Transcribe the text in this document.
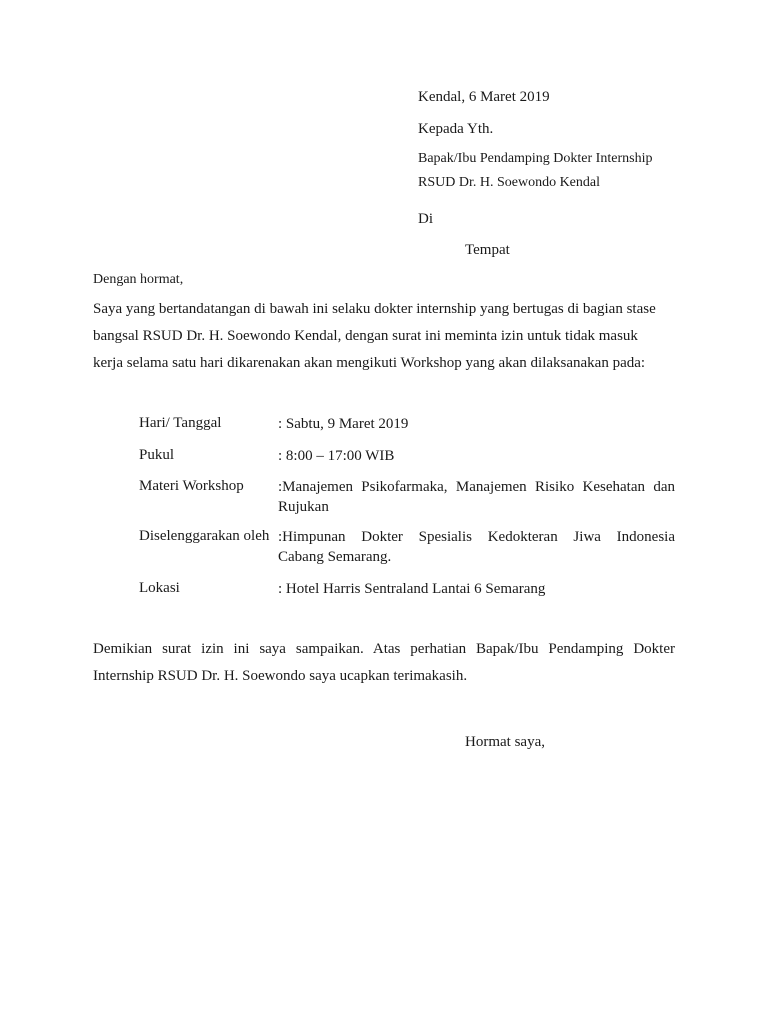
Kendal, 6 Maret 2019
Kepada Yth.
Bapak/Ibu Pendamping Dokter Internship
RSUD Dr. H. Soewondo Kendal
Di
Tempat
Dengan hormat,
Saya yang bertandatangan di bawah ini selaku dokter internship yang bertugas di bagian stase
bangsal RSUD Dr. H. Soewondo Kendal, dengan surat ini meminta izin untuk tidak masuk
kerja selama satu hari dikarenakan akan mengikuti Workshop yang akan dilaksanakan pada:
Hari/ Tanggal	: Sabtu, 9 Maret 2019
Pukul	: 8:00 – 17:00 WIB
Materi Workshop :Manajemen Psikofarmaka, Manajemen Risiko Kesehatan dan
Rujukan
Diselenggarakan oleh :Himpunan Dokter Spesialis Kedokteran Jiwa Indonesia
Cabang Semarang.
Lokasi	: Hotel Harris Sentraland Lantai 6 Semarang
Demikian surat izin ini saya sampaikan. Atas perhatian Bapak/Ibu Pendamping Dokter
Internship RSUD Dr. H. Soewondo saya ucapkan terimakasih.
Hormat saya,
